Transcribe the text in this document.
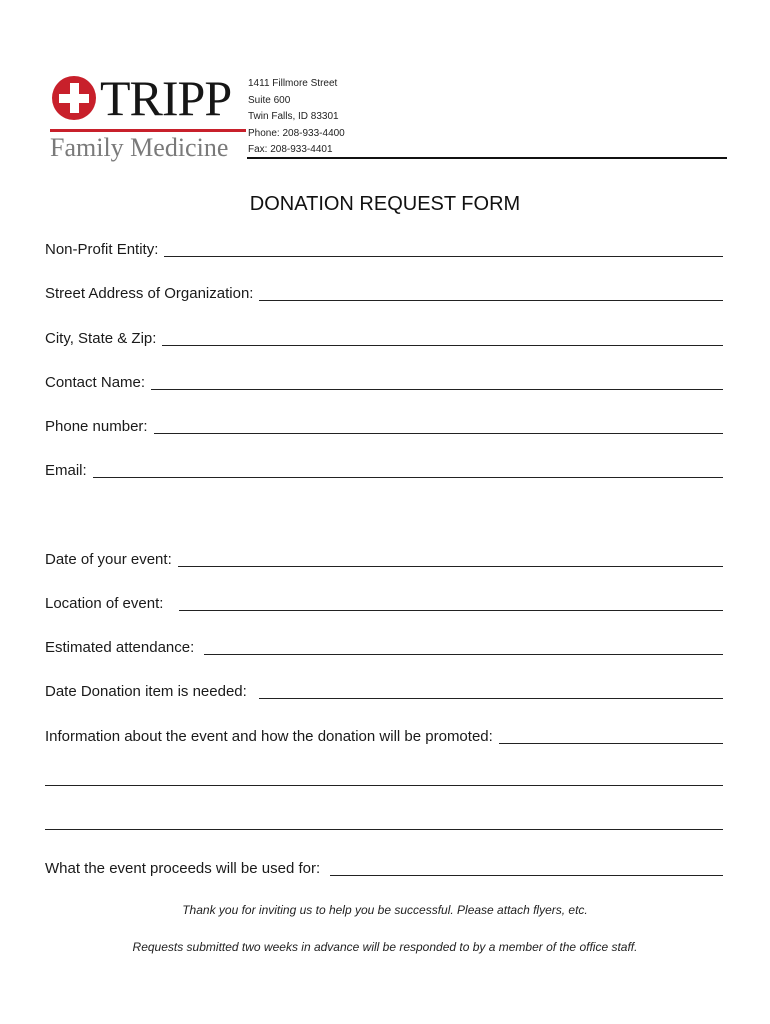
TRIPP
Family Medicine
1411 Fillmore Street
Suite 600
Twin Falls, ID 83301
Phone: 208-933-4400
Fax: 208-933-4401
DONATION REQUEST FORM
Non-Profit Entity:
Street Address of Organization:
City, State & Zip:
Contact Name:
Phone number:
Email:
Date of your event:
Location of event:
Estimated attendance:
Date Donation item is needed:
Information about the event and how the donation will be promoted:
What the event proceeds will be used for:
Thank you for inviting us to help you be successful. Please attach flyers, etc.
Requests submitted two weeks in advance will be responded to by a member of the office staff.
